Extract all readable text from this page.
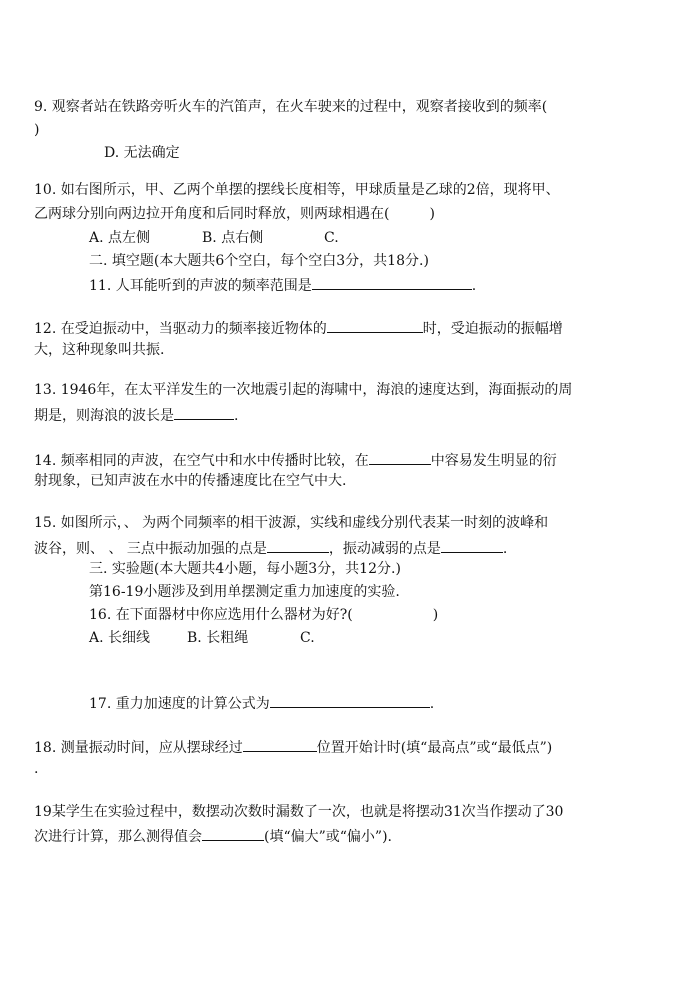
9. 观察者站在铁路旁听火车的汽笛声，在火车驶来的过程中，观察者接收到的频率(
)
D. 无法确定
10. 如右图所示，甲、乙两个单摆的摆线长度相等，甲球质量是乙球的2倍，现将甲、
乙两球分别向两边拉开角度和后同时释放，则两球相遇在(	)
A. 点左侧	B. 点右侧	C.
二. 填空题(本大题共6个空白，每个空白3分，共18分.)
11. 人耳能听到的声波的频率范围是	.
12. 在受迫振动中，当驱动力的频率接近物体的	时，受迫振动的振幅增
大，这种现象叫共振.
13. 1946年，在太平洋发生的一次地震引起的海啸中，海浪的速度达到，海面振动的周
期是，则海浪的波长是	.
14. 频率相同的声波，在空气中和水中传播时比较，在	中容易发生明显的衍
射现象，已知声波在水中的传播速度比在空气中大.
15. 如图所示，、 为两个同频率的相干波源，实线和虚线分别代表某一时刻的波峰和
波谷，则、 、 三点中振动加强的点是	，振动减弱的点是	.
三. 实验题(本大题共4小题，每小题3分，共12分.)
第16-19小题涉及到用单摆测定重力加速度的实验.
16. 在下面器材中你应选用什么器材为好?(	)
A. 长细线	B. 长粗绳	C.
17. 重力加速度的计算公式为	.
18. 测量振动时间，应从摆球经过	位置开始计时(填“最高点”或“最低点”)
.
19某学生在实验过程中，数摆动次数时漏数了一次，也就是将摆动31次当作摆动了30
次进行计算，那么测得值会	(填“偏大”或“偏小”).
